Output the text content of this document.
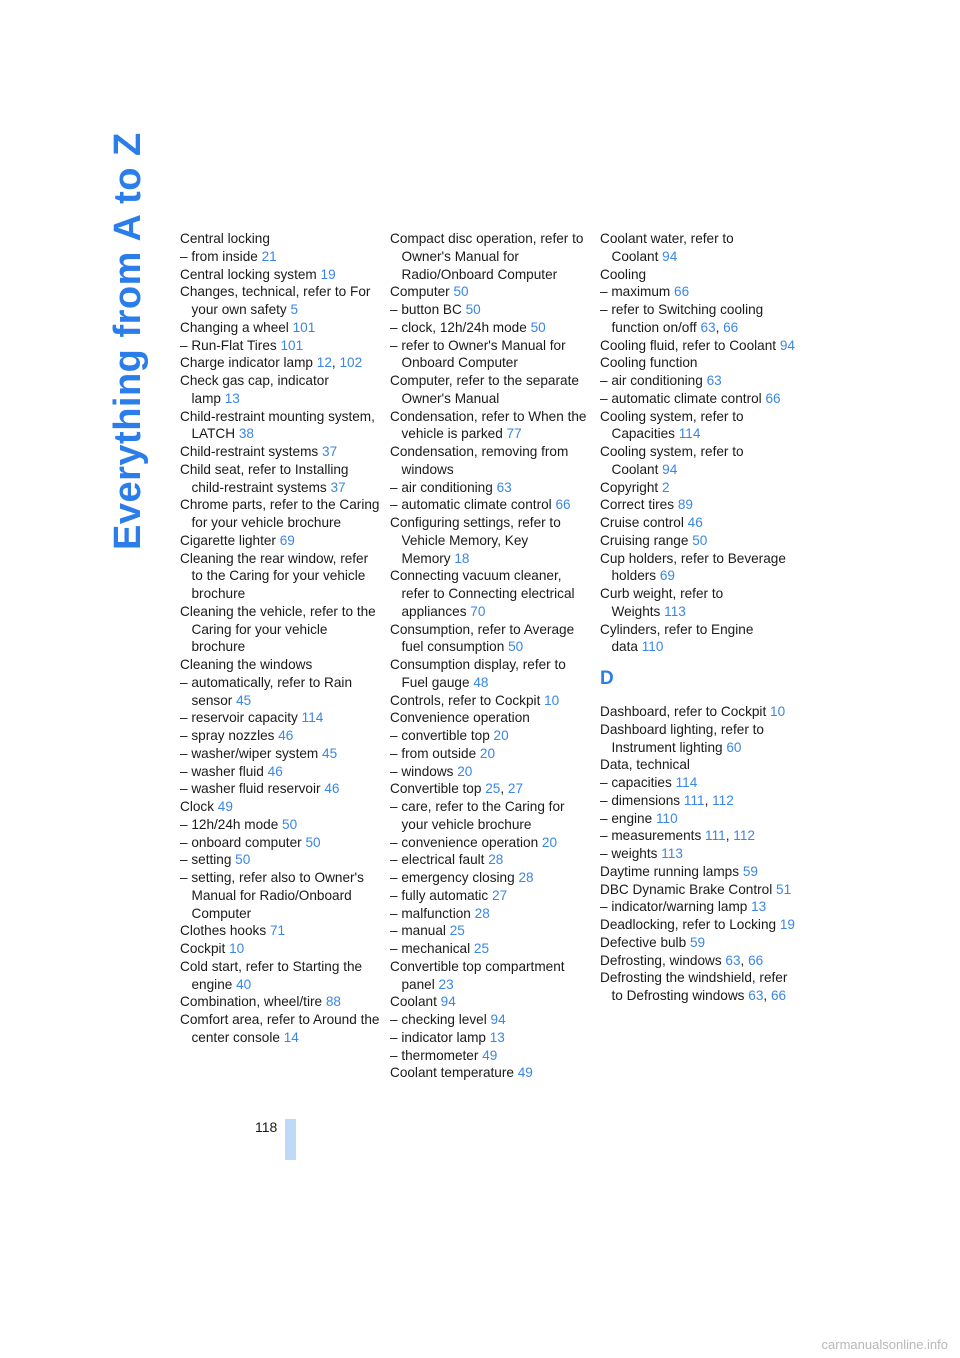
Everything from A to Z Central locking
– from inside 21
Central locking system 19
Changes, technical, refer to For your own safety 5
Changing a wheel 101
– Run-Flat Tires 101
Charge indicator lamp 12, 102
Check gas cap, indicator lamp 13
Child-restraint mounting system, LATCH 38
Child-restraint systems 37
Child seat, refer to Installing child-restraint systems 37
Chrome parts, refer to the Caring for your vehicle brochure
Cigarette lighter 69
Cleaning the rear window, refer to the Caring for your vehicle brochure
Cleaning the vehicle, refer to the Caring for your vehicle brochure
Cleaning the windows
– automatically, refer to Rain sensor 45
– reservoir capacity 114
– spray nozzles 46
– washer/wiper system 45
– washer fluid 46
– washer fluid reservoir 46
Clock 49
– 12h/24h mode 50
– onboard computer 50
– setting 50
– setting, refer also to Owner's Manual for Radio/Onboard Computer
Clothes hooks 71
Cockpit 10
Cold start, refer to Starting the engine 40
Combination, wheel/tire 88
Comfort area, refer to Around the center console 14
Compact disc operation, refer to Owner's Manual for Radio/Onboard Computer
Computer 50
– button BC 50
– clock, 12h/24h mode 50
– refer to Owner's Manual for Onboard Computer
Computer, refer to the separate Owner's Manual
Condensation, refer to When the vehicle is parked 77
Condensation, removing from windows
– air conditioning 63
– automatic climate control 66
Configuring settings, refer to Vehicle Memory, Key Memory 18
Connecting vacuum cleaner, refer to Connecting electrical appliances 70
Consumption, refer to Average fuel consumption 50
Consumption display, refer to Fuel gauge 48
Controls, refer to Cockpit 10
Convenience operation
– convertible top 20
– from outside 20
– windows 20
Convertible top 25, 27
– care, refer to the Caring for your vehicle brochure
– convenience operation 20
– electrical fault 28
– emergency closing 28
– fully automatic 27
– malfunction 28
– manual 25
– mechanical 25
Convertible top compartment panel 23
Coolant 94
– checking level 94
– indicator lamp 13
– thermometer 49
Coolant temperature 49
Coolant water, refer to Coolant 94
Cooling
– maximum 66
– refer to Switching cooling function on/off 63, 66
Cooling fluid, refer to Coolant 94
Cooling function
– air conditioning 63
– automatic climate control 66
Cooling system, refer to Capacities 114
Cooling system, refer to Coolant 94
Copyright 2
Correct tires 89
Cruise control 46
Cruising range 50
Cup holders, refer to Beverage holders 69
Curb weight, refer to Weights 113
Cylinders, refer to Engine data 110
D
Dashboard, refer to Cockpit 10
Dashboard lighting, refer to Instrument lighting 60
Data, technical
– capacities 114
– dimensions 111, 112
– engine 110
– measurements 111, 112
– weights 113
Daytime running lamps 59
DBC Dynamic Brake Control 51
– indicator/warning lamp 13
Deadlocking, refer to Locking 19
Defective bulb 59
Defrosting, windows 63, 66
Defrosting the windshield, refer to Defrosting windows 63, 66
118
carmanualsonline.info
